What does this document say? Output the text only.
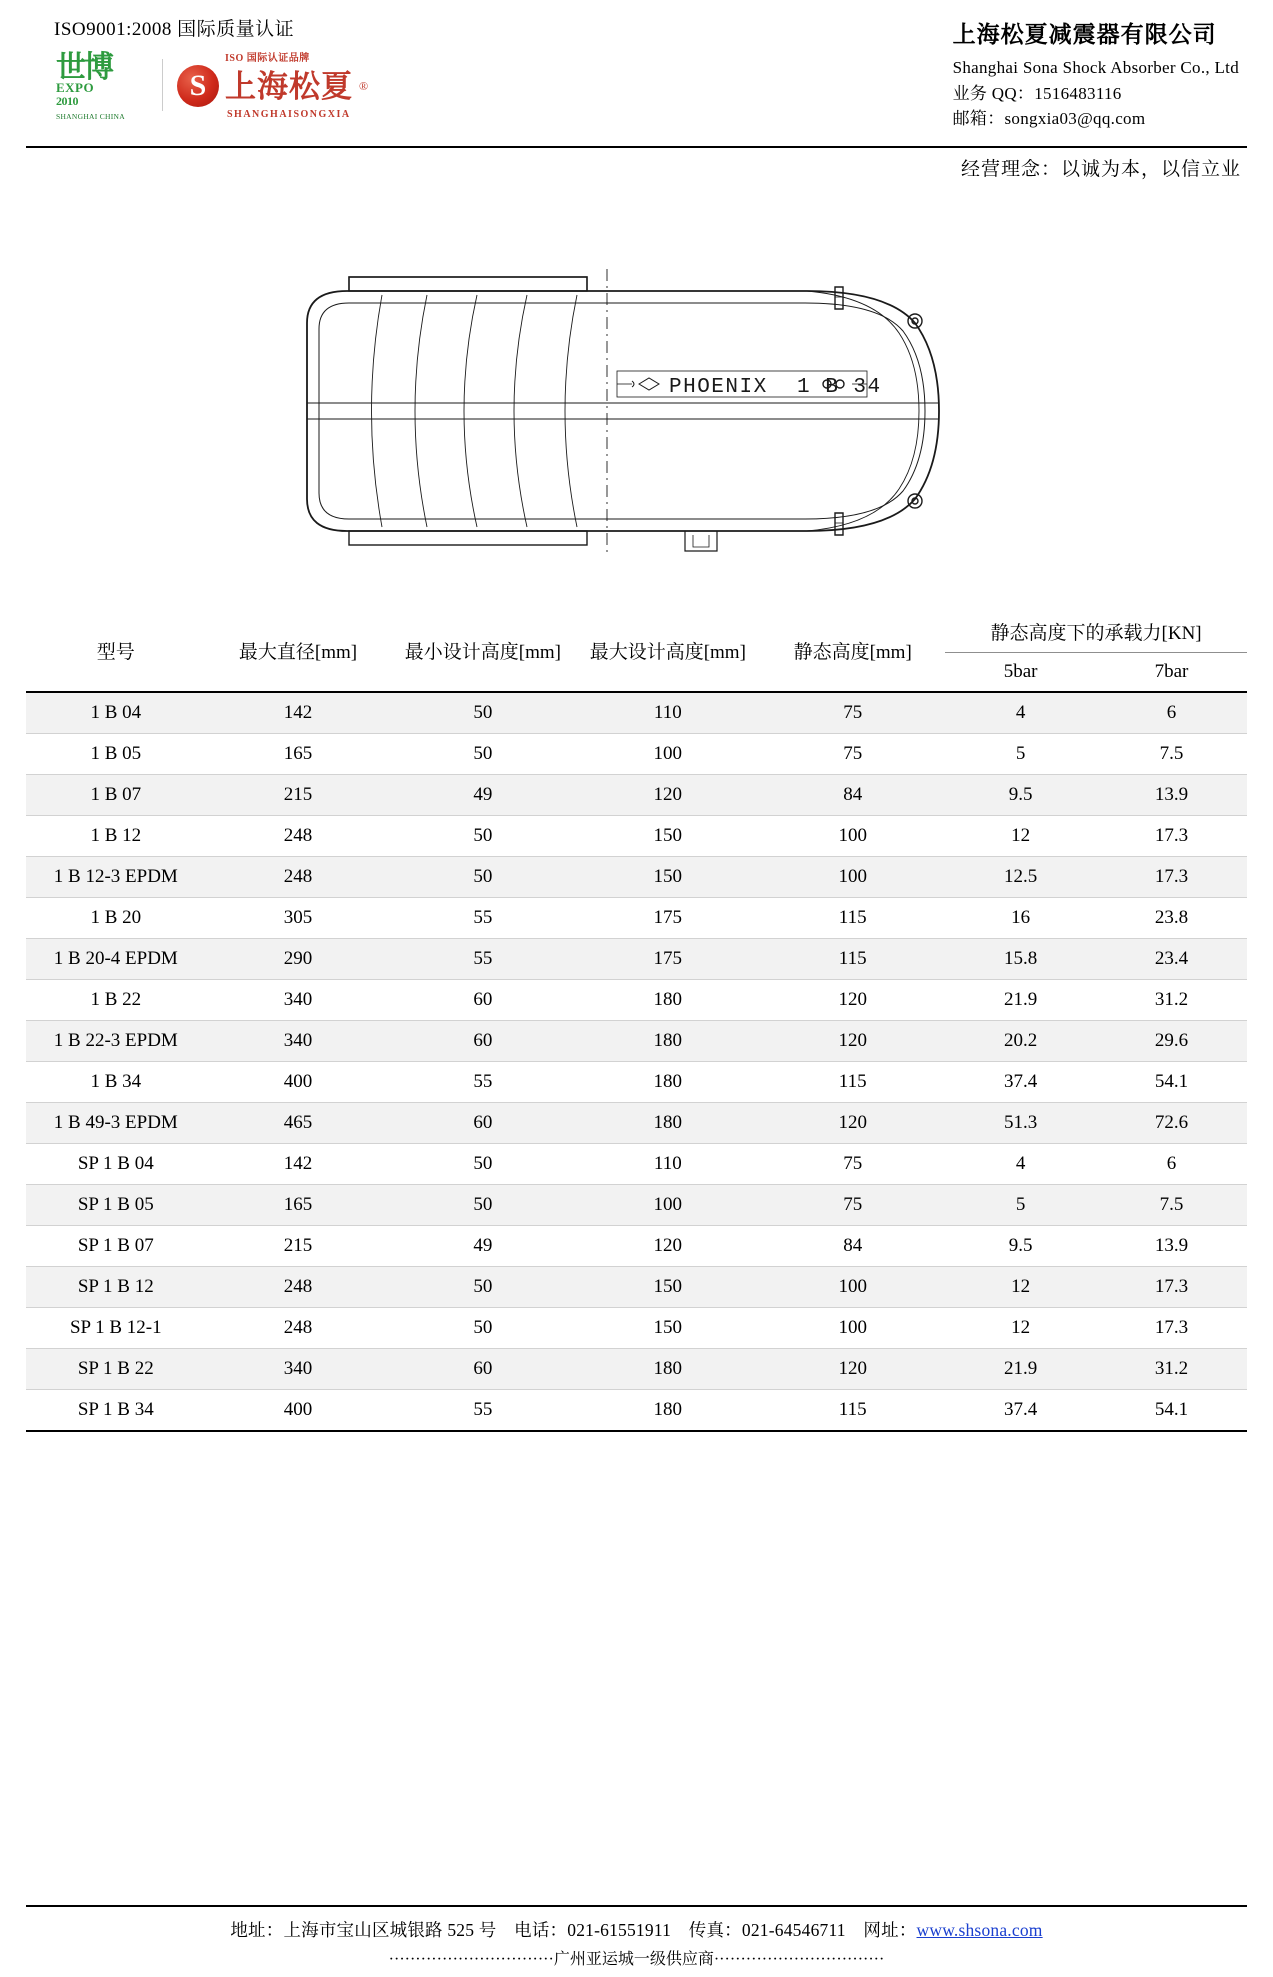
ISO9001:2008 国际质量认证
世博
EXPO
2010
SHANGHAI CHINA
ISO 国际认证品牌
S
上海松夏 ®
SHANGHAISONGXIA
上海松夏减震器有限公司
Shanghai Sona Shock Absorber Co., Ltd
业务 QQ：1516483116
邮箱：songxia03@qq.com
经营理念：以诚为本，以信立业
PHOENIX 1 B 34
型号	最大直径[mm]	最小设计高度[mm]	最大设计高度[mm]	静态高度[mm]	静态高度下的承载力[KN]	
					5bar	7bar
1 B 04	142	50	110	75	4	6
1 B 05	165	50	100	75	5	7.5
1 B 07	215	49	120	84	9.5	13.9
1 B 12	248	50	150	100	12	17.3
1 B 12-3 EPDM	248	50	150	100	12.5	17.3
1 B 20	305	55	175	115	16	23.8
1 B 20-4 EPDM	290	55	175	115	15.8	23.4
1 B 22	340	60	180	120	21.9	31.2
1 B 22-3 EPDM	340	60	180	120	20.2	29.6
1 B 34	400	55	180	115	37.4	54.1
1 B 49-3 EPDM	465	60	180	120	51.3	72.6
SP 1 B 04	142	50	110	75	4	6
SP 1 B 05	165	50	100	75	5	7.5
SP 1 B 07	215	49	120	84	9.5	13.9
SP 1 B 12	248	50	150	100	12	17.3
SP 1 B 12-1	248	50	150	100	12	17.3
SP 1 B 22	340	60	180	120	21.9	31.2
SP 1 B 34	400	55	180	115	37.4	54.1
地址：上海市宝山区城银路 525 号　电话：021-61551911　传真：021-64546711　网址：www.shsona.com
·······························广州亚运城一级供应商································
